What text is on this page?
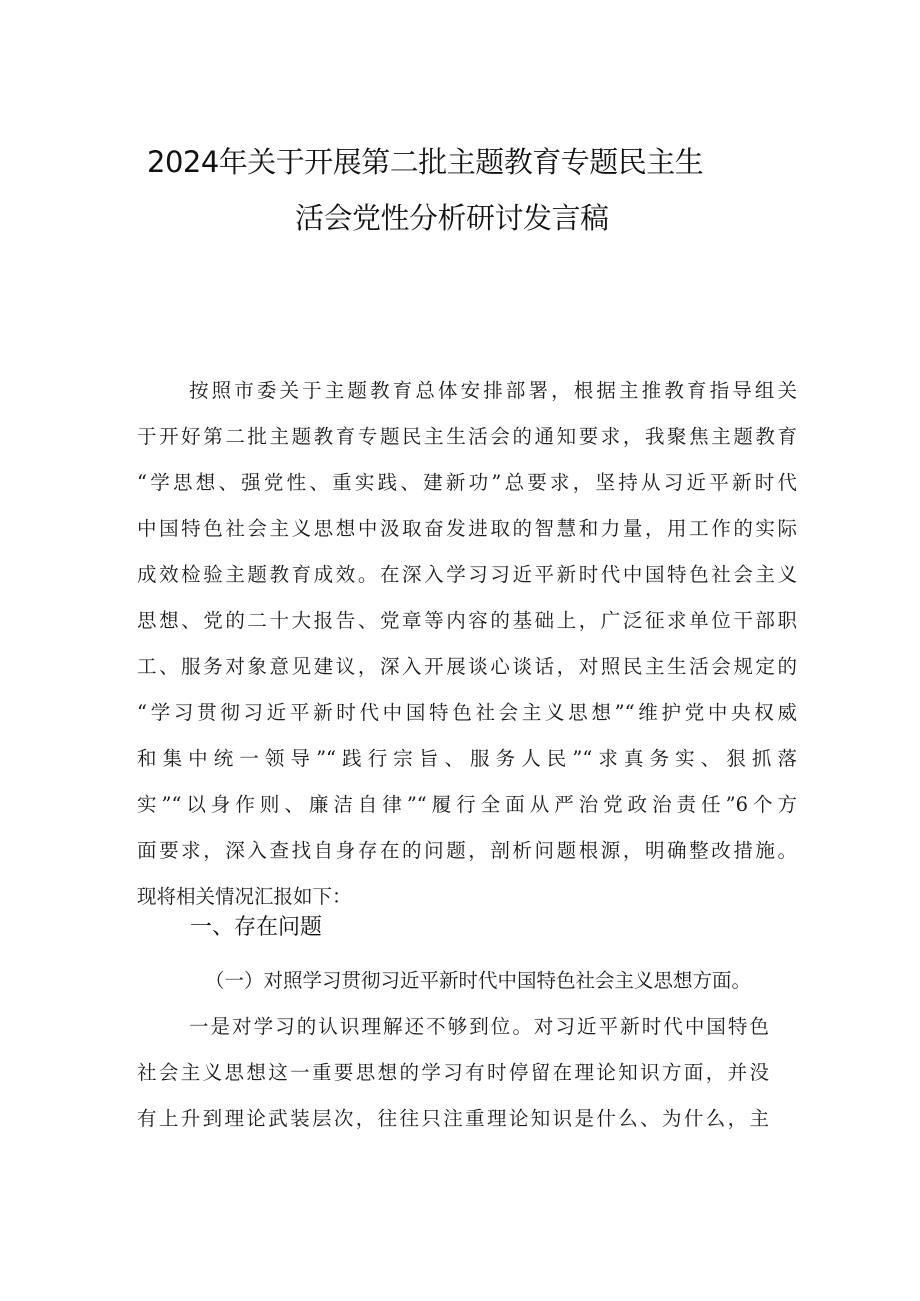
2024年关于开展第二批主题教育专题民主生
活会党性分析研讨发言稿
按照市委关于主题教育总体安排部署，根据主推教育指导组关
于开好第二批主题教育专题民主生活会的通知要求，我聚焦主题教育
“学思想、强党性、重实践、建新功”总要求，坚持从习近平新时代
中国特色社会主义思想中汲取奋发进取的智慧和力量，用工作的实际
成效检验主题教育成效。在深入学习习近平新时代中国特色社会主义
思想、党的二十大报告、党章等内容的基础上，广泛征求单位干部职
工、服务对象意见建议，深入开展谈心谈话，对照民主生活会规定的
“学习贯彻习近平新时代中国特色社会主义思想”“维护党中央权威
和集中统一领导”“践行宗旨、服务人民”“求真务实、狠抓落
实”“以身作则、廉洁自律”“履行全面从严治党政治责任”6个方
面要求，深入查找自身存在的问题，剖析问题根源，明确整改措施。
现将相关情况汇报如下：
一、存在问题
（一）对照学习贯彻习近平新时代中国特色社会主义思想方面。
一是对学习的认识理解还不够到位。对习近平新时代中国特色
社会主义思想这一重要思想的学习有时停留在理论知识方面，并没
有上升到理论武装层次，往往只注重理论知识是什么、为什么，主
